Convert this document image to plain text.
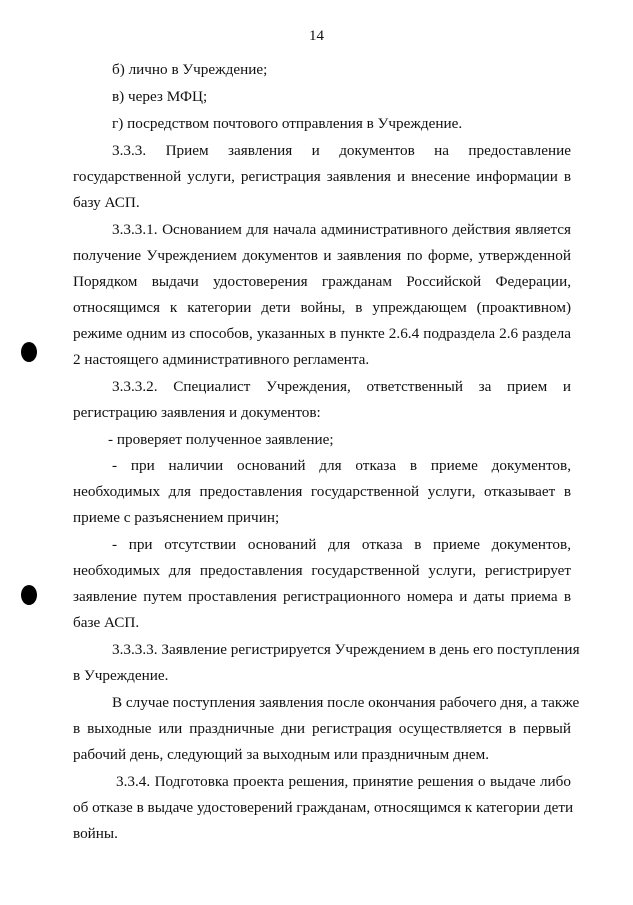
14
б) лично в Учреждение;
в) через МФЦ;
г) посредством почтового отправления в Учреждение.
3.3.3. Прием заявления и документов на предоставление
государственной услуги, регистрация заявления и внесение информации в
базу АСП.
3.3.3.1. Основанием для начала административного действия является
получение Учреждением документов и заявления по форме, утвержденной
Порядком выдачи удостоверения гражданам Российской Федерации,
относящимся к категории дети войны, в упреждающем (проактивном)
режиме одним из способов, указанных в пункте 2.6.4 подраздела 2.6 раздела
2 настоящего административного регламента.
3.3.3.2. Специалист Учреждения, ответственный за прием и
регистрацию заявления и документов:
- проверяет полученное заявление;
- при наличии оснований для отказа в приеме документов,
необходимых для предоставления государственной услуги, отказывает в
приеме с разъяснением причин;
- при отсутствии оснований для отказа в приеме документов,
необходимых для предоставления государственной услуги, регистрирует
заявление путем проставления регистрационного номера и даты приема в
базе АСП.
3.3.3.3. Заявление регистрируется Учреждением в день его поступления
в Учреждение.
В случае поступления заявления после окончания рабочего дня, а также
в выходные или праздничные дни регистрация осуществляется в первый
рабочий день, следующий за выходным или праздничным днем.
3.3.4. Подготовка проекта решения, принятие решения о выдаче либо
об отказе в выдаче удостоверений гражданам, относящимся к категории дети
войны.
